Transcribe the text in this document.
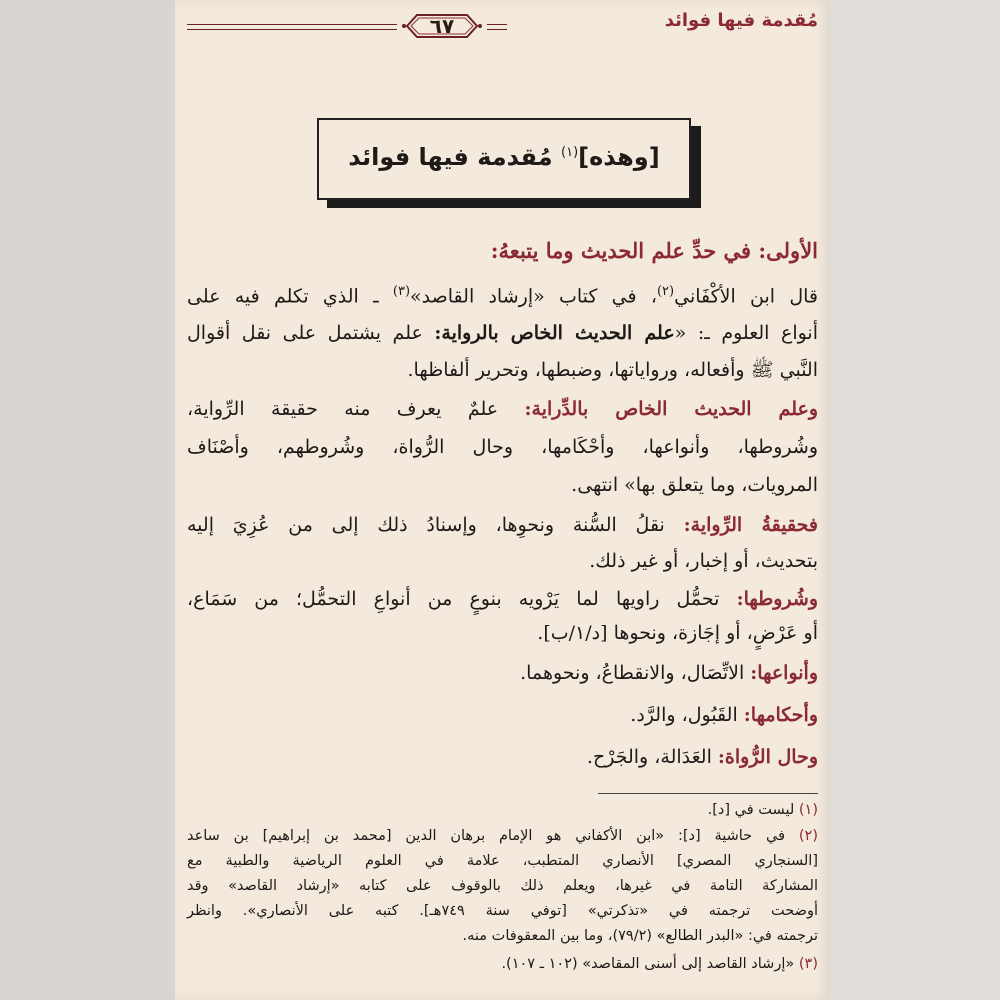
مُقدمة فيها فوائد
٦٧
[وهذه]$^{(١)}$ مُقدمة فيها فوائد
الأولى: في حدِّ علم الحديث وما يتبعهُ:
قال ابن الأكْفَاني$^{(٢)}$، في كتاب «إرشاد القاصد»$^{(٣)}$ ـ الذي تكلم فيه على
أنواع العلوم ـ: «علم الحديث الخاص بالرواية: علم يشتمل على نقل أقوال
النَّبي ﷺ وأفعاله، ورواياتها، وضبطها، وتحرير ألفاظها.
وعلم الحديث الخاص بالدِّراية: علمٌ يعرف منه حقيقة الرِّواية،
وشُروطها، وأنواعها، وأحْكَامها، وحال الرُّواة، وشُروطهم، وأصْنَاف
المرويات، وما يتعلق بها» انتهى.
فحقيقةُ الرِّواية: نقلُ السُّنة ونحوِها، وإسنادُ ذلك إلى من عُزِيَ إليه
بتحديث، أو إخبار، أو غير ذلك.
وشُروطها: تحمُّل راويها لما يَرْويه بنوعٍ من أنواعِ التحمُّل؛ من سَمَاع،
أو عَرْضٍ، أو إجَازة، ونحوها [د/١/ب].
وأنواعها: الاتِّصَال، والانقطاعُ، ونحوهما.
وأحكامها: القَبُول، والرَّد.
وحال الرُّواة: العَدَالة، والجَرْح.
(١) ليست في [د].
(٢) في حاشية [د]: «ابن الأكفاني هو الإمام برهان الدين [محمد بن إبراهيم] بن ساعد
[السنجاري المصري] الأنصاري المتطبب، علامة في العلوم الرياضية والطبية مع
المشاركة التامة في غيرها، ويعلم ذلك بالوقوف على كتابه «إرشاد القاصد» وقد
أوضحت ترجمته في «تذكرتي» [توفي سنة ٧٤٩هـ]. كتبه على الأنصاري». وانظر
ترجمته في: «البدر الطالع» (٧٩/٢)، وما بين المعقوفات منه.
(٣) «إرشاد القاصد إلى أسنى المقاصد» (١٠٢ ـ ١٠٧).
